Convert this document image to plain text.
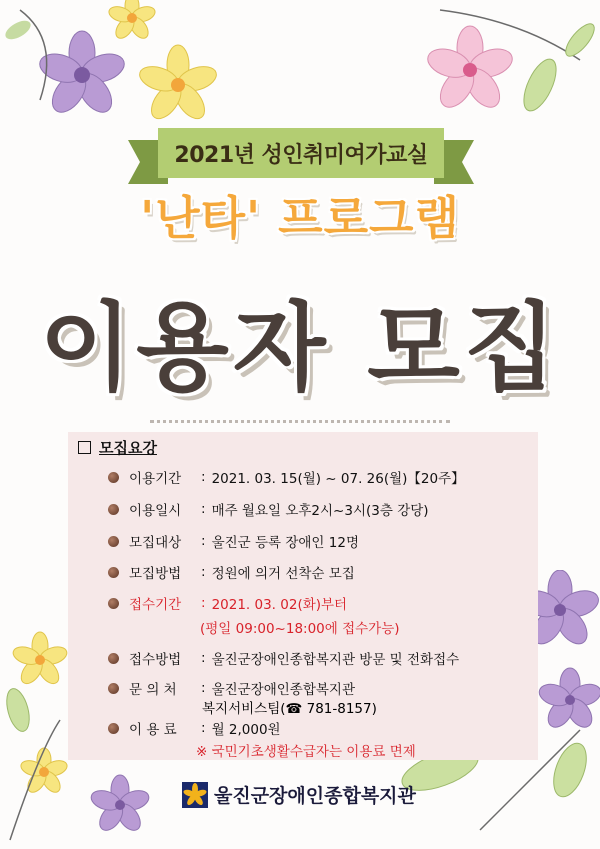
2021년 성인취미여가교실
'난타' 프로그램
이용자 모집
모집요강
이용기간	: 2021. 03. 15(월) ~ 07. 26(월)【20주】
이용일시	: 매주 월요일 오후2시~3시(3층 강당)
모집대상	: 울진군 등록 장애인 12명
모집방법	: 정원에 의거 선착순 모집
접수기간	: 2021. 03. 02(화)부터
(평일 09:00~18:00에 접수가능)
접수방법	: 울진군장애인종합복지관 방문 및 전화접수
문 의 처	: 울진군장애인종합복지관
복지서비스팀(☎ 781-8157)
이 용 료	: 월 2,000원
※ 국민기초생활수급자는 이용료 면제
울진군장애인종합복지관
